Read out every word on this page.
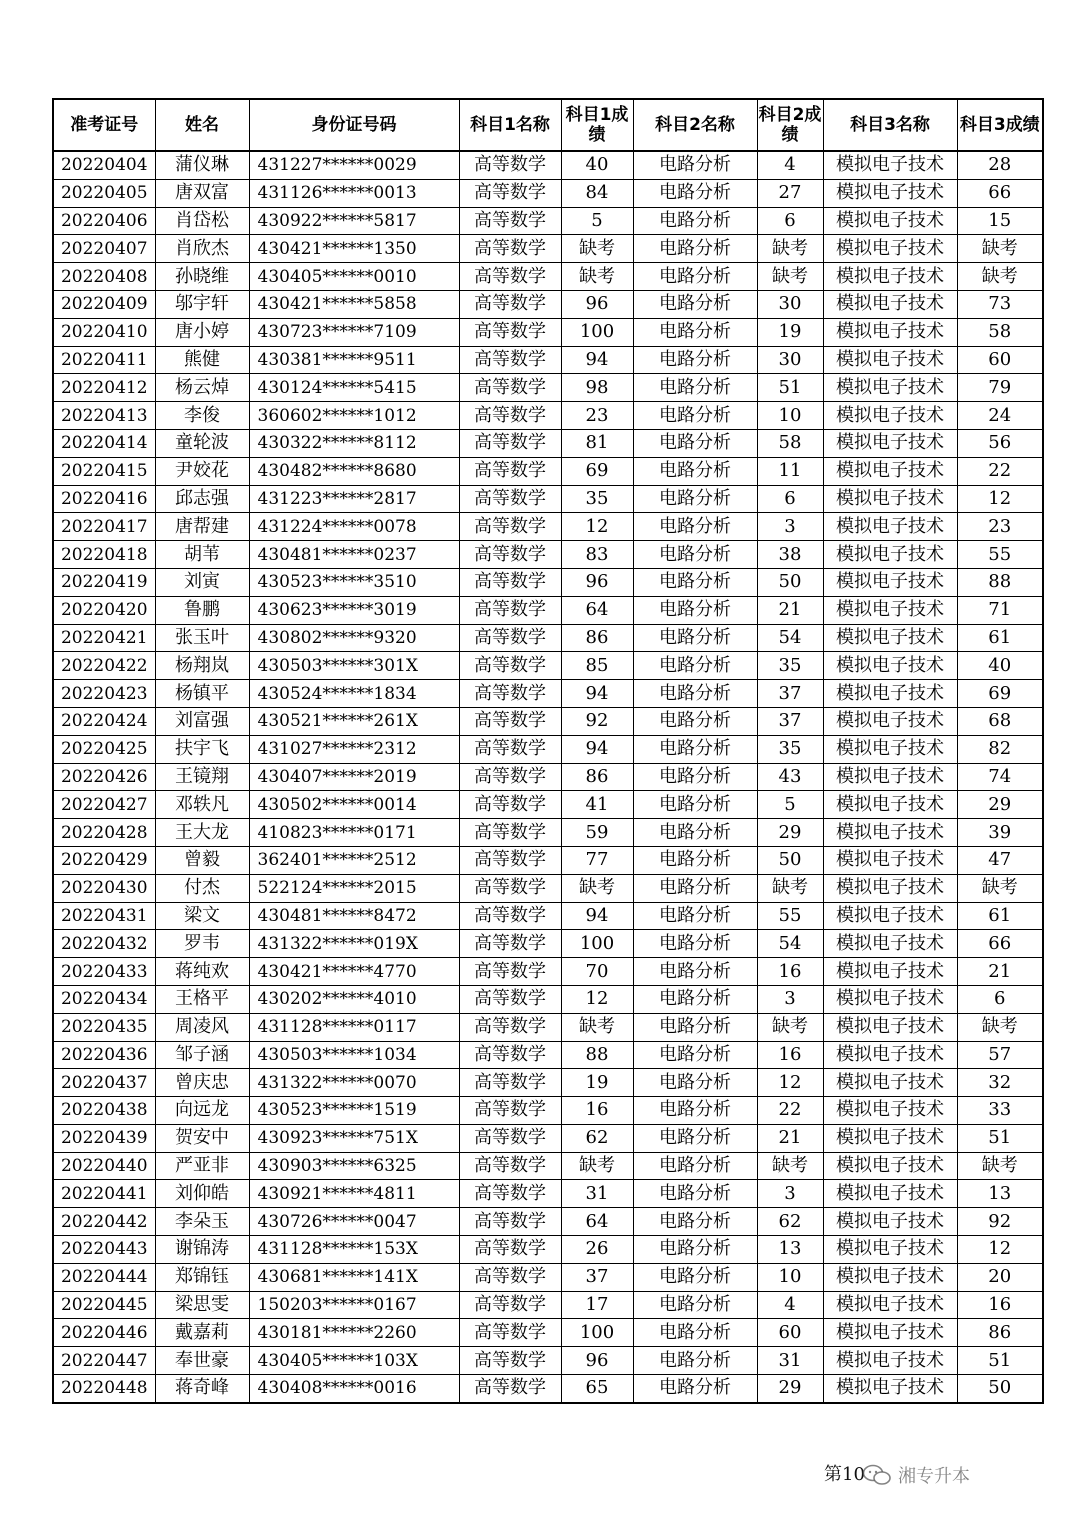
准考证号	姓名	身份证号码	科目1名称	科目1成绩	科目2名称	科目2成绩	科目3名称	科目3成绩
20220404	蒲仪琳	431227******0029	高等数学	40	电路分析	4	模拟电子技术	28
20220405	唐双富	431126******0013	高等数学	84	电路分析	27	模拟电子技术	66
20220406	肖岱松	430922******5817	高等数学	5	电路分析	6	模拟电子技术	15
20220407	肖欣杰	430421******1350	高等数学	缺考	电路分析	缺考	模拟电子技术	缺考
20220408	孙晓维	430405******0010	高等数学	缺考	电路分析	缺考	模拟电子技术	缺考
20220409	邬宇轩	430421******5858	高等数学	96	电路分析	30	模拟电子技术	73
20220410	唐小婷	430723******7109	高等数学	100	电路分析	19	模拟电子技术	58
20220411	熊健	430381******9511	高等数学	94	电路分析	30	模拟电子技术	60
20220412	杨云焯	430124******5415	高等数学	98	电路分析	51	模拟电子技术	79
20220413	李俊	360602******1012	高等数学	23	电路分析	10	模拟电子技术	24
20220414	童轮波	430322******8112	高等数学	81	电路分析	58	模拟电子技术	56
20220415	尹姣花	430482******8680	高等数学	69	电路分析	11	模拟电子技术	22
20220416	邱志强	431223******2817	高等数学	35	电路分析	6	模拟电子技术	12
20220417	唐帮建	431224******0078	高等数学	12	电路分析	3	模拟电子技术	23
20220418	胡苇	430481******0237	高等数学	83	电路分析	38	模拟电子技术	55
20220419	刘寅	430523******3510	高等数学	96	电路分析	50	模拟电子技术	88
20220420	鲁鹏	430623******3019	高等数学	64	电路分析	21	模拟电子技术	71
20220421	张玉叶	430802******9320	高等数学	86	电路分析	54	模拟电子技术	61
20220422	杨翔岚	430503******301X	高等数学	85	电路分析	35	模拟电子技术	40
20220423	杨镇平	430524******1834	高等数学	94	电路分析	37	模拟电子技术	69
20220424	刘富强	430521******261X	高等数学	92	电路分析	37	模拟电子技术	68
20220425	扶宇飞	431027******2312	高等数学	94	电路分析	35	模拟电子技术	82
20220426	王镜翔	430407******2019	高等数学	86	电路分析	43	模拟电子技术	74
20220427	邓轶凡	430502******0014	高等数学	41	电路分析	5	模拟电子技术	29
20220428	王大龙	410823******0171	高等数学	59	电路分析	29	模拟电子技术	39
20220429	曾毅	362401******2512	高等数学	77	电路分析	50	模拟电子技术	47
20220430	付杰	522124******2015	高等数学	缺考	电路分析	缺考	模拟电子技术	缺考
20220431	梁文	430481******8472	高等数学	94	电路分析	55	模拟电子技术	61
20220432	罗韦	431322******019X	高等数学	100	电路分析	54	模拟电子技术	66
20220433	蒋纯欢	430421******4770	高等数学	70	电路分析	16	模拟电子技术	21
20220434	王格平	430202******4010	高等数学	12	电路分析	3	模拟电子技术	6
20220435	周凌风	431128******0117	高等数学	缺考	电路分析	缺考	模拟电子技术	缺考
20220436	邹子涵	430503******1034	高等数学	88	电路分析	16	模拟电子技术	57
20220437	曾庆忠	431322******0070	高等数学	19	电路分析	12	模拟电子技术	32
20220438	向远龙	430523******1519	高等数学	16	电路分析	22	模拟电子技术	33
20220439	贺安中	430923******751X	高等数学	62	电路分析	21	模拟电子技术	51
20220440	严亚非	430903******6325	高等数学	缺考	电路分析	缺考	模拟电子技术	缺考
20220441	刘仰皓	430921******4811	高等数学	31	电路分析	3	模拟电子技术	13
20220442	李朵玉	430726******0047	高等数学	64	电路分析	62	模拟电子技术	92
20220443	谢锦涛	431128******153X	高等数学	26	电路分析	13	模拟电子技术	12
20220444	郑锦钰	430681******141X	高等数学	37	电路分析	10	模拟电子技术	20
20220445	梁思雯	150203******0167	高等数学	17	电路分析	4	模拟电子技术	16
20220446	戴嘉莉	430181******2260	高等数学	100	电路分析	60	模拟电子技术	86
20220447	奉世豪	430405******103X	高等数学	96	电路分析	31	模拟电子技术	51
20220448	蒋奇峰	430408******0016	高等数学	65	电路分析	29	模拟电子技术	50
第10 湘专升本
